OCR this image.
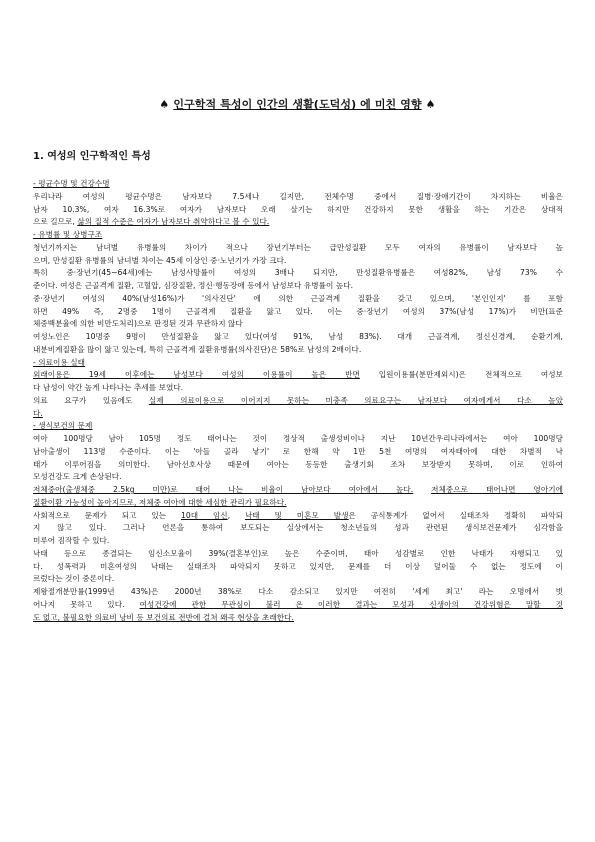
♠ 인구학적 특성이 인간의 생활(도덕성) 에 미친 영향 ♠
1. 여성의 인구학적인 특성
- 평균수명 및 건강수명
우리나라 여성의 평균수명은 남자보다 7.5세나 길지만, 전체수명 중에서 질병·장애기간이 차지하는 비율은
남자 10.3%, 여자 16.3%로 여자가 남자보다 오래 살기는 하지만 건강하지 못한 생활을 하는 기간은 상대적
으로 길므로, 삶의 질적 수준은 여자가 남자보다 취약하다고 볼 수 있다.
- 유병률 및 상병구조
청년기까지는 남녀별 유병률의 차이가 적으나 장년기부터는 급만성질환 모두 여자의 유병률이 남자보다 높
으며, 만성질환 유병률의 남녀별 차이는 45세 이상인 중·노년기가 가장 크다.
특히 중·장년기(45~64세)에는 남성사망률이 여성의 3배나 되지만, 만성질환유병률은 여성82%, 남성 73% 수
준이다. 여성은 근골격계 질환, 고혈압, 심장질환, 정신·행동장애 등에서 남성보다 유병률이 높다.
중·장년기 여성의 40%(남성16%)가 '의사진단' 에 의한 근골격계 질환을 갖고 있으며, '본인인지' 를 포함
하면 49% 즉, 2명중 1명이 근골격계 질환을 앓고 있다. 이는 중·장년기 여성의 37%(남성 17%)가 비만(표준
체중백분율에 의한 비만도처리)으로 판정된 것과 무관하지 않다
여성노인은 10명중 9명이 만성질환을 앓고 있다(여성 91%, 남성 83%). 대개 근골격계, 정신신경계, 순환기계,
내분비계질환을 많이 앓고 있는데, 특히 근골격계 질환유병률(의사진단)은 58%로 남성의 2배이다.
- 의료이용 실태
외래이용은 19세 이후에는 남성보다 여성의 이용률이 높은 반면 입원이용률(분만제외시)은 전체적으로 여성보
다 남성이 약간 높게 나타나는 추세를 보였다.
의료 요구가 있음에도 실제 의료이용으로 이어지지 못하는 미충족 의료요구는 남자보다 여자에게서 다소 높았
다.
- 생식보건의 문제
여아 100명당 남아 105명 정도 태어나는 것이 정상적 출생성비이나 지난 10년간우리나라에서는 여아 100명당
남아출생이 113명 수준이다. 이는 '아들 골라 낳기' 로 한해 약 1만 5천 여명의 여자태아에 대한 차별적 낙
태가 이루어짐을 의미한다. 남아선호사상 때문에 여아는 동등한 출생기회 조차 보장받지 못하며, 이로 인하여
모성건강도 크게 손상된다.
저체중아(출생체중 2.5kg 미만)로 태어 나는 비율이 남아보다 여아에서 높다. 저체중으로 태어나면 영아기에
질환이환 가능성이 높아지므로, 저체중 여아에 대한 세심한 관리가 필요하다.
사회적으로 문제가 되고 있는 10대 임신, 낙태 및 미혼모 발생은 공식통계가 없어서 실태조차 정확히 파악되
지 않고 있다. 그러나 언론을 통하여 보도되는 실상에서는 청소년들의 성과 관련된 생식보건문제가 심각함을
미루어 짐작할 수 있다.
낙태 등으로 종결되는 임신소모율이 39%(결혼부인)로 높은 수준이며, 태아 성감별로 인한 낙태가 자행되고 있
다. 성폭력과 미혼여성의 낙태는 실태조차 파악되지 못하고 있지만, 문제를 더 이상 덮어둘 수 없는 정도에 이
르렀다는 것이 중론이다.
제왕절개분만률(1999년 43%)은 2000년 38%로 다소 감소되고 있지만 여전히 '세계 최고' 라는 오명에서 벗
어나지 못하고 있다. 여성건강에 관한 무관심이 불러 온 이러한 결과는 모성과 신생아의 건강위험은 말할 것
도 없고, 불필요한 의료비 낭비 등 보건의료 전반에 걸쳐 왜곡 현상을 초래한다.
